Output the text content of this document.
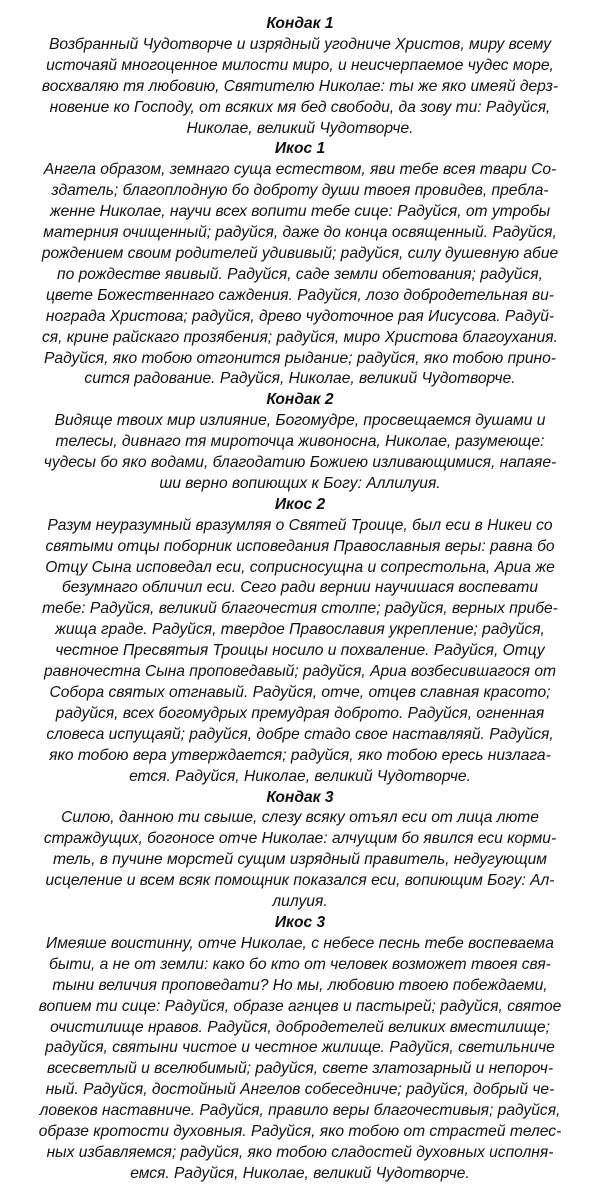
Кондак 1
Возбранный Чудотворче и изрядный угодниче Христов, миру всему
источаяй многоценное милости миро, и неисчерпаемое чудес море,
восхваляю тя любовию, Святителю Николае: ты же яко имеяй дерз-
новение ко Господу, от всяких мя бед свободи, да зову ти: Радуйся,
Николае, великий Чудотворче.
Икос 1
Ангела образом, земнаго суща естеством, яви тебе всея твари Со-
здатель; благоплодную бо доброту души твоея провидев, пребла-
женне Николае, научи всех вопити тебе сице: Радуйся, от утробы
матерния очищенный; радуйся, даже до конца освященный. Радуйся,
рождением своим родителей удививый; радуйся, силу душевную абие
по рождестве явивый. Радуйся, саде земли обетования; радуйся,
цвете Божественнаго саждения. Радуйся, лозо добродетельная ви-
нограда Христова; радуйся, древо чудоточное рая Иисусова. Радуй-
ся, крине райскаго прозябения; радуйся, миро Христова благоухания.
Радуйся, яко тобою отгонится рыдание; радуйся, яко тобою прино-
сится радование. Радуйся, Николае, великий Чудотворче.
Кондак 2
Видяще твоих мир излияние, Богомудре, просвещаемся душами и
телесы, дивнаго тя мироточца живоносна, Николае, разумеюще:
чудесы бо яко водами, благодатию Божиею изливающимися, напаяе-
ши верно вопиющих к Богу: Аллилуия.
Икос 2
Разум неуразумный вразумляя о Святей Троице, был еси в Никеи со
святыми отцы поборник исповедания Православныя веры: равна бо
Отцу Сына исповедал еси, соприсносущна и сопрестольна, Ариа же
безумнаго обличил еси. Сего ради вернии научишася воспевати
тебе: Радуйся, великий благочестия столпе; радуйся, верных прибе-
жища граде. Радуйся, твердое Православия укрепление; радуйся,
честное Пресвятыя Троицы носило и похваление. Радуйся, Отцу
равночестна Сына проповедавый; радуйся, Ариа возбесившагося от
Собора святых отгнавый. Радуйся, отче, отцев славная красото;
радуйся, всех богомудрых премудрая доброто. Радуйся, огненная
словеса испущаяй; радуйся, добре стадо свое наставляяй. Радуйся,
яко тобою вера утверждается; радуйся, яко тобою ересь низлага-
ется. Радуйся, Николае, великий Чудотворче.
Кондак 3
Силою, данною ти свыше, слезу всяку отъял еси от лица люте
страждущих, богоносе отче Николае: алчущим бо явился еси корми-
тель, в пучине морстей сущим изрядный правитель, недугующим
исцеление и всем всяк помощник показался еси, вопиющим Богу: Ал-
лилуия.
Икос 3
Имеяше воистинну, отче Николае, с небесе песнь тебе воспеваема
быти, а не от земли: како бо кто от человек возможет твоея свя-
тыни величия проповедати? Но мы, любовию твоею побеждаеми,
вопием ти сице: Радуйся, образе агнцев и пастырей; радуйся, святое
очистилище нравов. Радуйся, добродетелей великих вместилище;
радуйся, святыни чистое и честное жилище. Радуйся, светильниче
всесветлый и вселюбимый; радуйся, свете златозарный и непороч-
ный. Радуйся, достойный Ангелов собеседниче; радуйся, добрый че-
ловеков наставниче. Радуйся, правило веры благочестивыя; радуйся,
образе кротости духовныя. Радуйся, яко тобою от страстей телес-
ных избавляемся; радуйся, яко тобою сладостей духовных исполня-
емся. Радуйся, Николае, великий Чудотворче.
